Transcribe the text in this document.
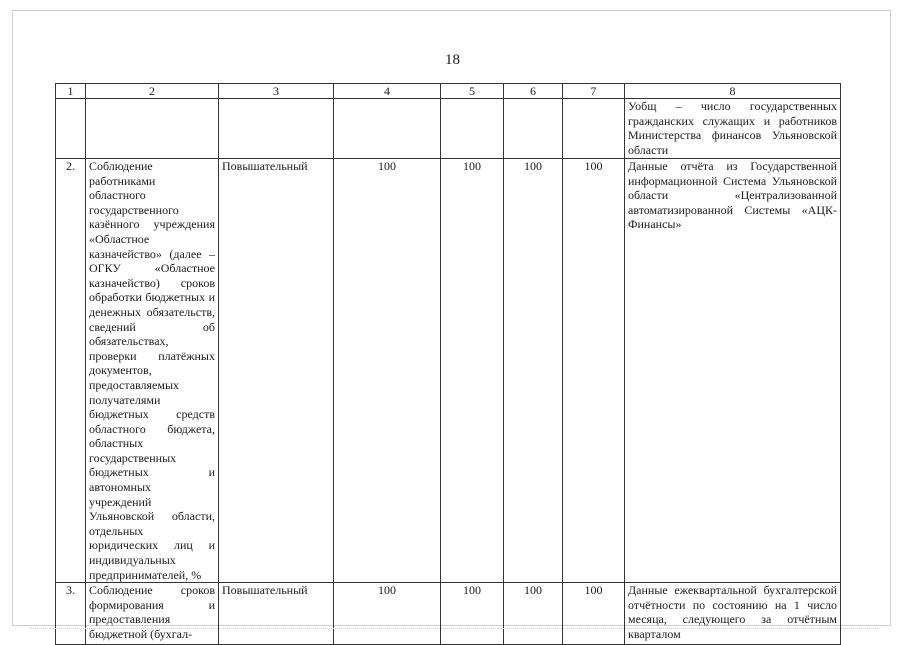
18
1	2	3	4	5	6	7	8
							Уобщ – число государственных гражданских служащих и работников Министерства финансов Ульяновской области
2.	Соблюдение работниками областного государственного казённого учреждения «Областное казначейство» (далее – ОГКУ «Областное казначейство) сроков обработки бюджетных и денежных обязательств, сведений об обязательствах, проверки платёжных документов, предоставляемых получателями бюджетных средств областного бюджета, областных государственных бюджетных и автономных учреждений Ульяновской области, отдельных юридических лиц и индивидуальных предпринимателей, %	Повышательный	100	100	100	100	Данные отчёта из Государственной информационной Система Ульяновской области «Централизованной автоматизированной Системы «АЦК-Финансы»
3.	Соблюдение сроков формирования и предоставления бюджетной (бухгал-	Повышательный	100	100	100	100	Данные ежеквартальной бухгалтерской отчётности по состоянию на 1 число месяца, следующего за отчётным кварталом
